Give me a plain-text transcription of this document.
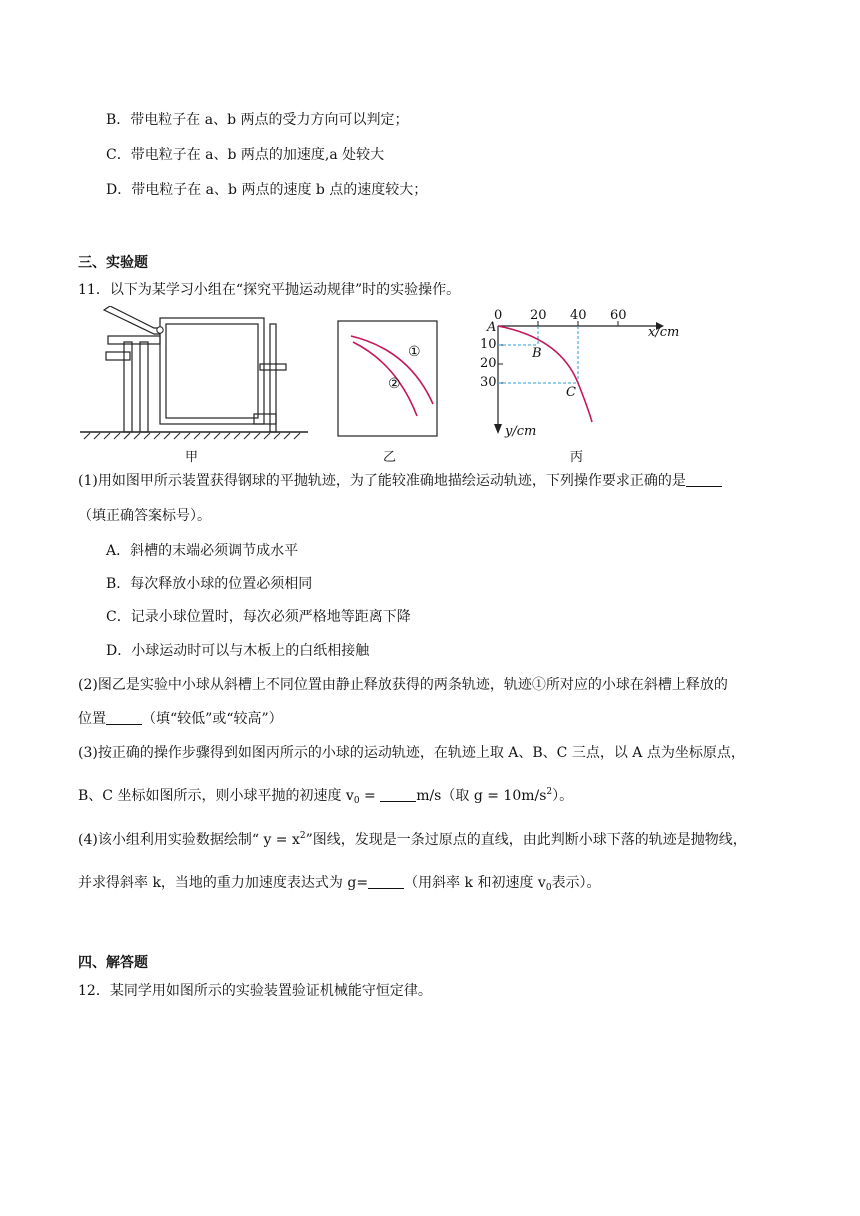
B．带电粒子在 a、b 两点的受力方向可以判定；
C．带电粒子在 a、b 两点的加速度,a 处较大
D．带电粒子在 a、b 两点的速度 b 点的速度较大；
三、实验题
11．以下为某学习小组在“探究平抛运动规律”时的实验操作。
甲
①
②
乙
0 20 40 60
x/cm
10
20
30
y/cm
A
B
C
丙
(1)用如图甲所示装置获得钢球的平抛轨迹，为了能较准确地描绘运动轨迹，下列操作要求正确的是
（填正确答案标号）。
A．斜槽的末端必须调节成水平
B．每次释放小球的位置必须相同
C．记录小球位置时，每次必须严格地等距离下降
D．小球运动时可以与木板上的白纸相接触
(2)图乙是实验中小球从斜槽上不同位置由静止释放获得的两条轨迹，轨迹①所对应的小球在斜槽上释放的
位置	（填“较低”或“较高”）
(3)按正确的操作步骤得到如图丙所示的小球的运动轨迹，在轨迹上取 A、B、C 三点，以 A 点为坐标原点，
B、C 坐标如图所示，则小球平抛的初速度 $v_0$ =	m/s（取 $g = 10m/s^2$）。
(4)该小组利用实验数据绘制“ $y = x^2$”图线，发现是一条过原点的直线，由此判断小球下落的轨迹是抛物线，
并求得斜率 k，当地的重力加速度表达式为 g=	（用斜率 k 和初速度 $v_0$表示）。
四、解答题
12．某同学用如图所示的实验装置验证机械能守恒定律。
